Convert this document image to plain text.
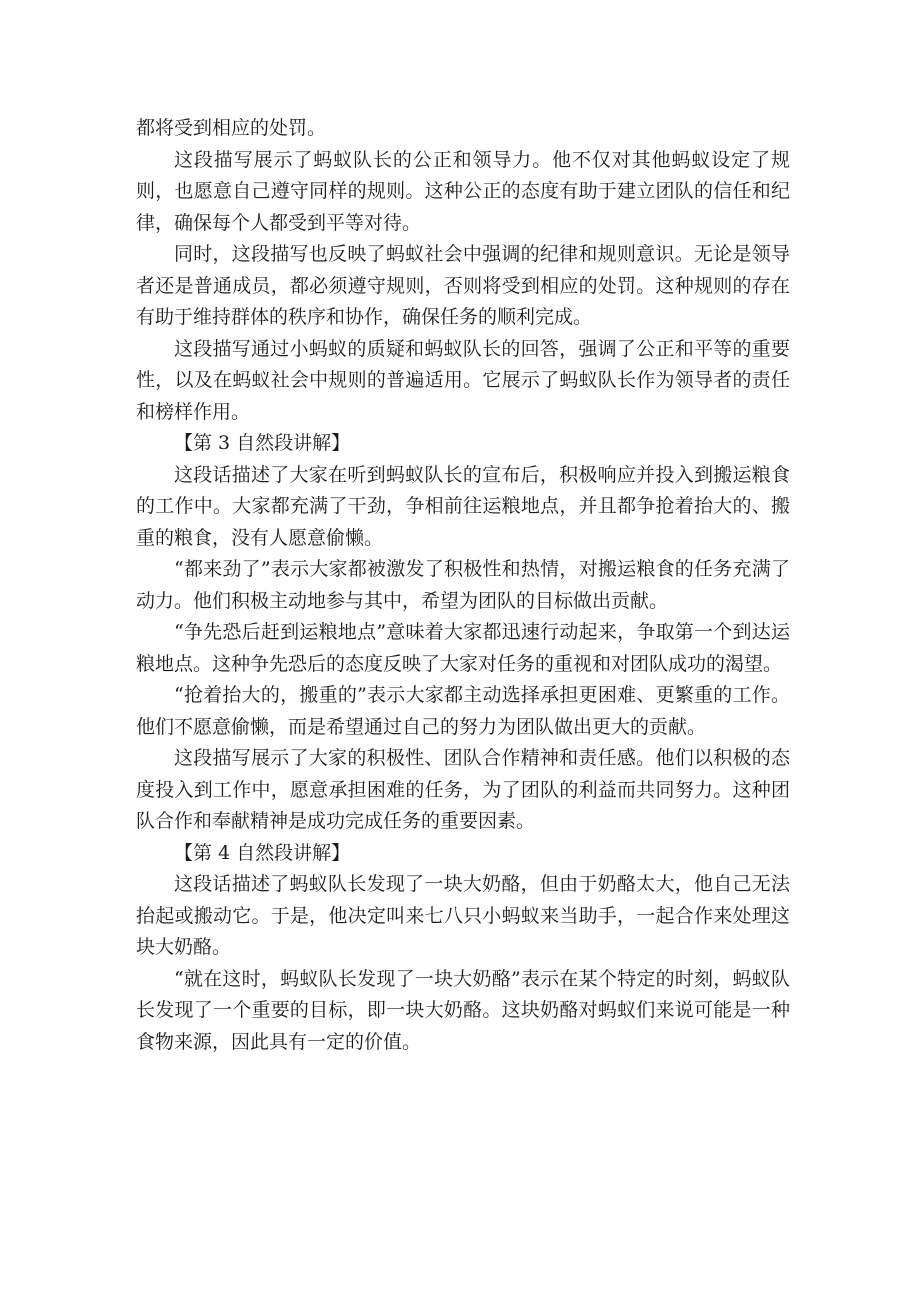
都将受到相应的处罚。

这段描写展示了蚂蚁队长的公正和领导力。他不仅对其他蚂蚁设定了规则，也愿意自己遵守同样的规则。这种公正的态度有助于建立团队的信任和纪律，确保每个人都受到平等对待。

同时，这段描写也反映了蚂蚁社会中强调的纪律和规则意识。无论是领导者还是普通成员，都必须遵守规则，否则将受到相应的处罚。这种规则的存在有助于维持群体的秩序和协作，确保任务的顺利完成。

这段描写通过小蚂蚁的质疑和蚂蚁队长的回答，强调了公正和平等的重要性，以及在蚂蚁社会中规则的普遍适用。它展示了蚂蚁队长作为领导者的责任和榜样作用。

【第 3 自然段讲解】

这段话描述了大家在听到蚂蚁队长的宣布后，积极响应并投入到搬运粮食的工作中。大家都充满了干劲，争相前往运粮地点，并且都争抢着抬大的、搬重的粮食，没有人愿意偷懒。

“都来劲了”表示大家都被激发了积极性和热情，对搬运粮食的任务充满了动力。他们积极主动地参与其中，希望为团队的目标做出贡献。

“争先恐后赶到运粮地点”意味着大家都迅速行动起来，争取第一个到达运粮地点。这种争先恐后的态度反映了大家对任务的重视和对团队成功的渴望。

“抢着抬大的，搬重的”表示大家都主动选择承担更困难、更繁重的工作。他们不愿意偷懒，而是希望通过自己的努力为团队做出更大的贡献。

这段描写展示了大家的积极性、团队合作精神和责任感。他们以积极的态度投入到工作中，愿意承担困难的任务，为了团队的利益而共同努力。这种团队合作和奉献精神是成功完成任务的重要因素。

【第 4 自然段讲解】

这段话描述了蚂蚁队长发现了一块大奶酪，但由于奶酪太大，他自己无法抬起或搬动它。于是，他决定叫来七八只小蚂蚁来当助手，一起合作来处理这块大奶酪。

“就在这时，蚂蚁队长发现了一块大奶酪”表示在某个特定的时刻，蚂蚁队长发现了一个重要的目标，即一块大奶酪。这块奶酪对蚂蚁们来说可能是一种食物来源，因此具有一定的价值。
